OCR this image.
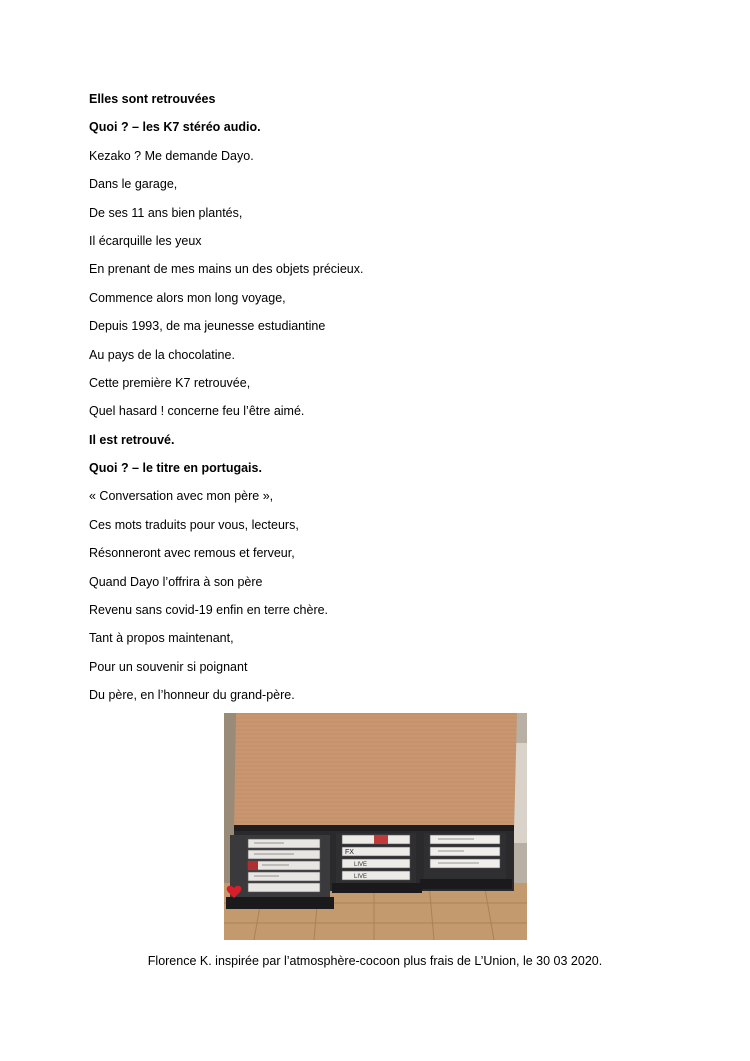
Elles sont retrouvées
Quoi ? – les K7 stéréo audio.
Kezako ? Me demande Dayo.
Dans le garage,
De ses 11 ans bien plantés,
Il écarquille les yeux
En prenant de mes mains un des objets précieux.
Commence alors mon long voyage,
Depuis 1993, de ma jeunesse estudiantine
Au pays de la chocolatine.
Cette première K7 retrouvée,
Quel hasard ! concerne feu l’être aimé.
Il est retrouvé.
Quoi ? – le titre en portugais.
« Conversation avec mon père »,
Ces mots traduits pour vous, lecteurs,
Résonneront avec remous et ferveur,
Quand Dayo l’offrira à son père
Revenu sans covid-19 enfin en terre chère.
Tant à propos maintenant,
Pour un souvenir si poignant
Du père, en l’honneur du grand-père.
FX
LIVE
LIVE
Florence K. inspirée par l’atmosphère-cocoon plus frais de L’Union, le 30 03 2020.
